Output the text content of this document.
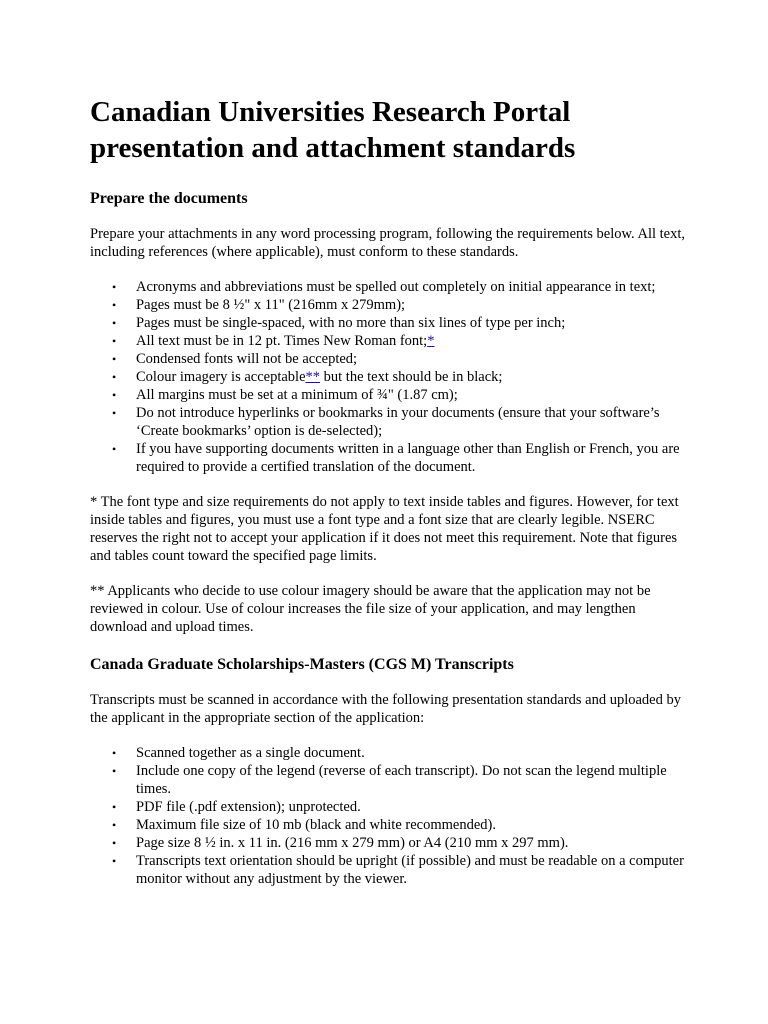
Canadian Universities Research Portal presentation and attachment standards
Prepare the documents

Prepare your attachments in any word processing program, following the requirements below. All text, including references (where applicable), must conform to these standards.

• Acronyms and abbreviations must be spelled out completely on initial appearance in text;
• Pages must be 8 ½" x 11" (216mm x 279mm);
• Pages must be single-spaced, with no more than six lines of type per inch;
• All text must be in 12 pt. Times New Roman font;*
• Condensed fonts will not be accepted;
• Colour imagery is acceptable** but the text should be in black;
• All margins must be set at a minimum of ¾" (1.87 cm);
• Do not introduce hyperlinks or bookmarks in your documents (ensure that your software’s ‘Create bookmarks’ option is de-selected);
• If you have supporting documents written in a language other than English or French, you are required to provide a certified translation of the document.

* The font type and size requirements do not apply to text inside tables and figures. However, for text inside tables and figures, you must use a font type and a font size that are clearly legible. NSERC reserves the right not to accept your application if it does not meet this requirement. Note that figures and tables count toward the specified page limits.

** Applicants who decide to use colour imagery should be aware that the application may not be reviewed in colour. Use of colour increases the file size of your application, and may lengthen download and upload times.

Canada Graduate Scholarships-Masters (CGS M) Transcripts

Transcripts must be scanned in accordance with the following presentation standards and uploaded by the applicant in the appropriate section of the application:

• Scanned together as a single document.
• Include one copy of the legend (reverse of each transcript). Do not scan the legend multiple times.
• PDF file (.pdf extension); unprotected.
• Maximum file size of 10 mb (black and white recommended).
• Page size 8 ½ in. x 11 in. (216 mm x 279 mm) or A4 (210 mm x 297 mm).
• Transcripts text orientation should be upright (if possible) and must be readable on a computer monitor without any adjustment by the viewer.
